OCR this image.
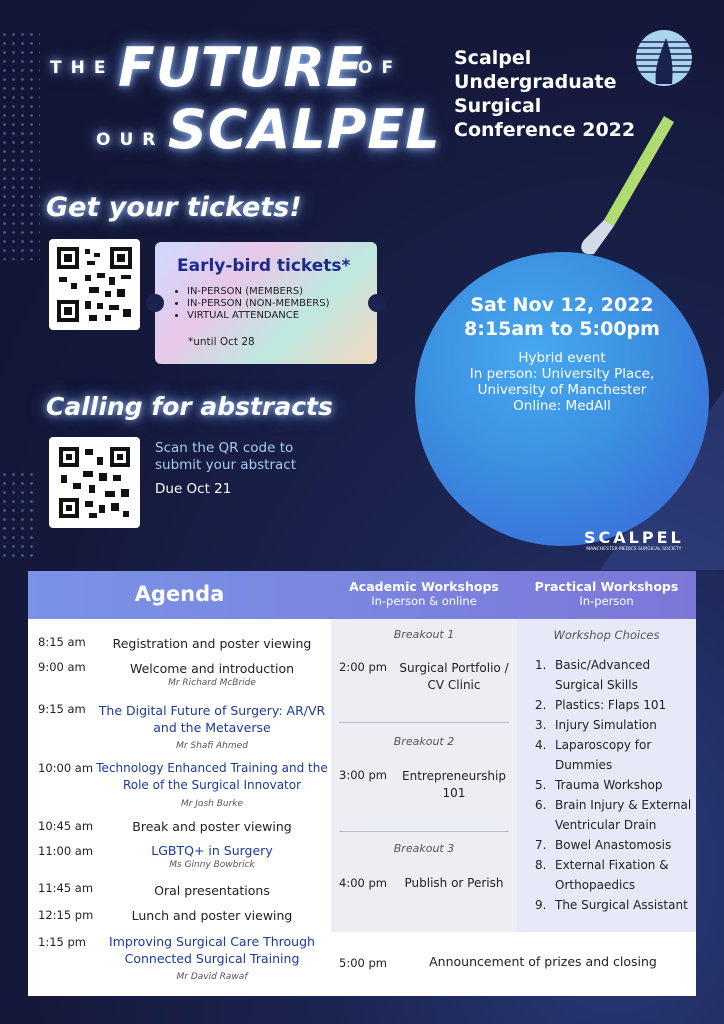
THE FUTURE
OF
OUR SCALPEL
Scalpel
Undergraduate
Surgical
Conference 2022
Get your tickets!
Early-bird tickets*
• IN-PERSON (MEMBERS)
• IN-PERSON (NON-MEMBERS)
• VIRTUAL ATTENDANCE
*until Oct 28
Calling for abstracts
Scan the QR code to submit your abstract
Due Oct 21
Sat Nov 12, 2022
8:15am to 5:00pm
Hybrid event
In person: University Place, University of Manchester
Online: MedAll
SCALPEL
MANCHESTER MEDICS SURGICAL SOCIETY
Agenda	Academic Workshops
In-person & online
Practical Workshops
In-person
8:15 am	Registration and poster viewing
9:00 am	Welcome and introduction
Mr Richard McBride
9:15 am The Digital Future of Surgery: AR/VR and the Metaverse
Mr Shafi Ahmed
10:00 am Technology Enhanced Training and the Role of the Surgical Innovator
Mr Josh Burke
10:45 am	Break and poster viewing
11:00 am	LGBTQ+ in Surgery
Ms Ginny Bowbrick
11:45 am	Oral presentations
12:15 pm	Lunch and poster viewing
1:15 pm	Improving Surgical Care Through Connected Surgical Training
Mr David Rawaf
Breakout 1
2:00 pm	Surgical Portfolio / CV Clinic
Breakout 2
3:00 pm	Entrepreneurship 101
Breakout 3
4:00 pm	Publish or Perish
Workshop Choices
1. Basic/Advanced Surgical Skills
2. Plastics: Flaps 101
3. Injury Simulation
4. Laparoscopy for Dummies
5. Trauma Workshop
6. Brain Injury & External Ventricular Drain
7. Bowel Anastomosis
8. External Fixation & Orthopaedics
9. The Surgical Assistant
5:00 pm	Announcement of prizes and closing
